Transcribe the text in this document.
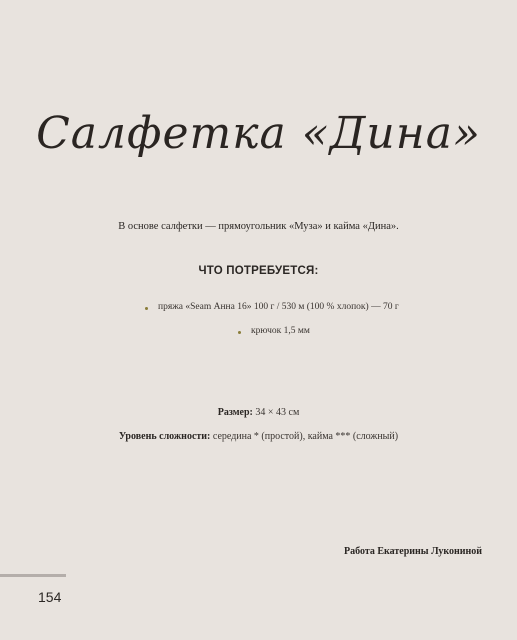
Салфетка «Дина»
В основе салфетки — прямоугольник «Муза» и кайма «Дина».
ЧТО ПОТРЕБУЕТСЯ:
пряжа «Seam Анна 16» 100 г / 530 м (100 % хлопок) — 70 г
крючок 1,5 мм
Размер: 34 × 43 см
Уровень сложности: середина * (простой), кайма *** (сложный)
Работа Екатерины Лукониной
154
